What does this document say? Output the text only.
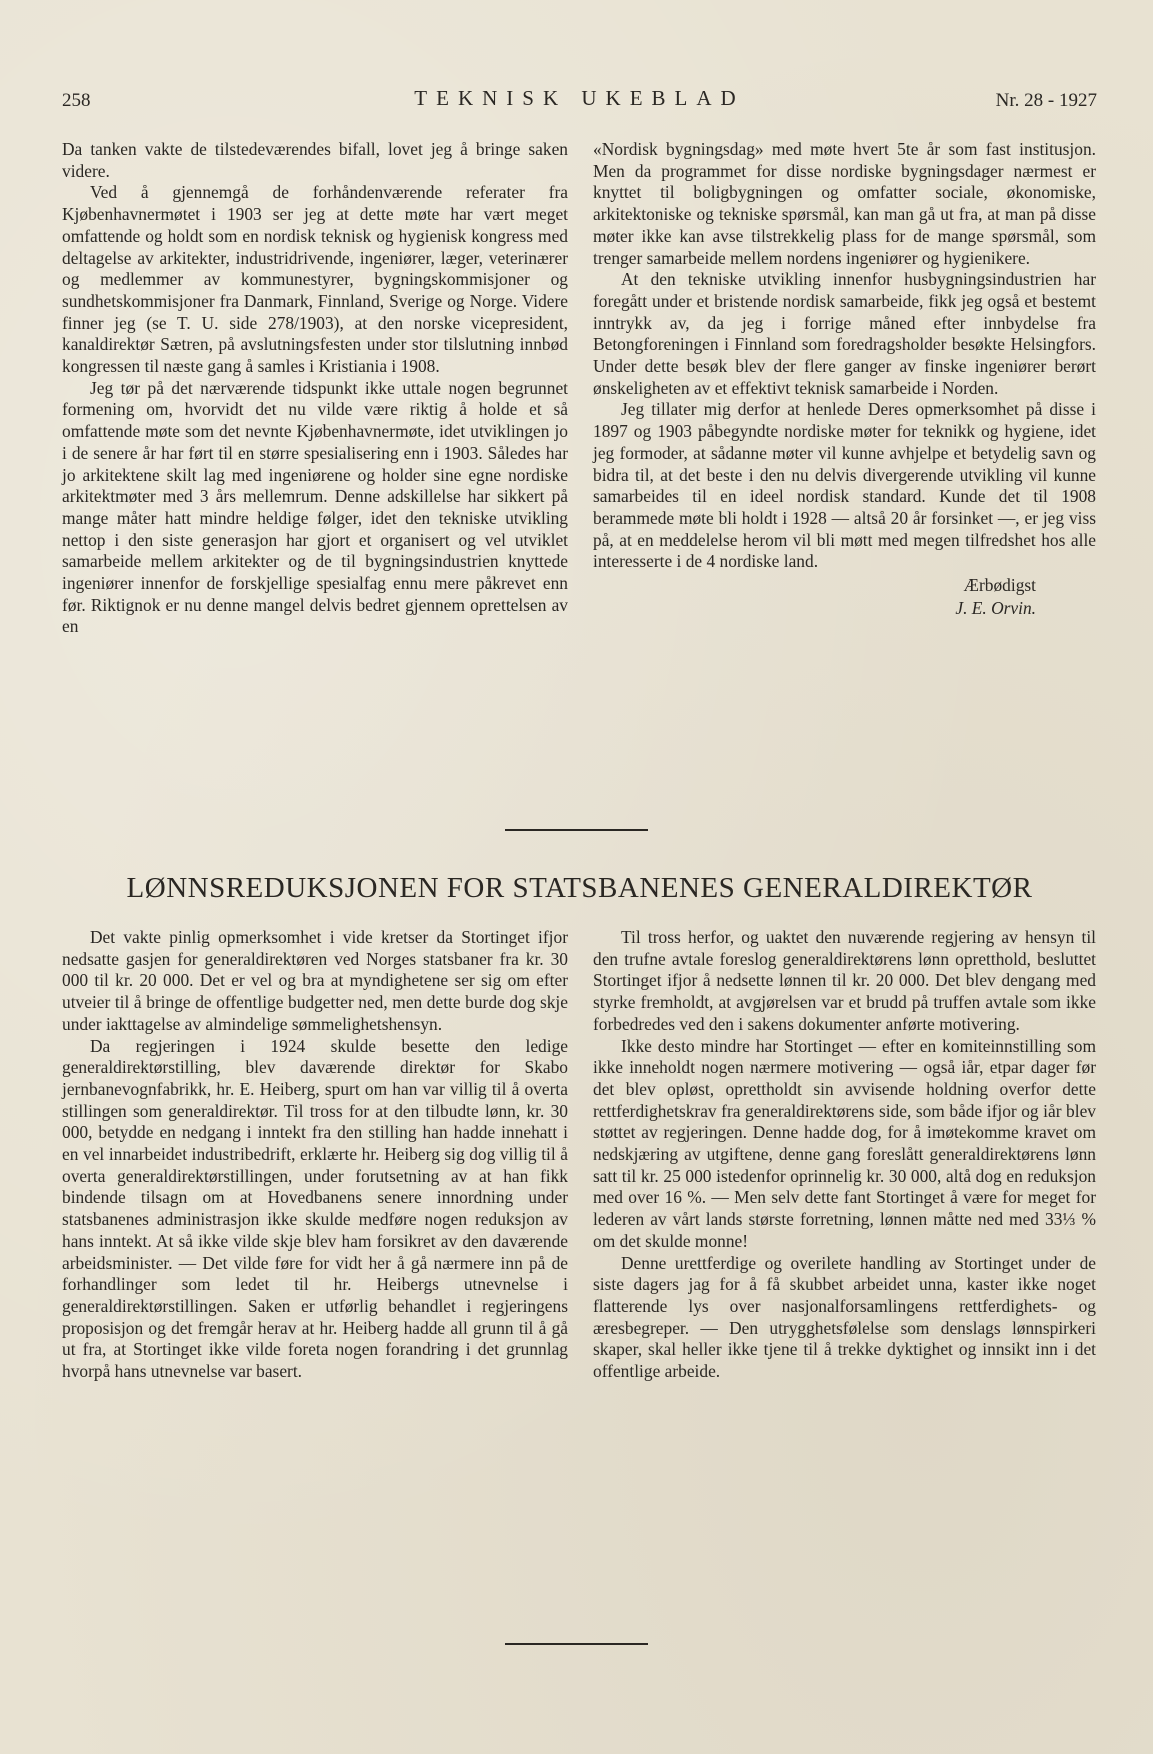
258	TEKNISK UKEBLAD	Nr. 28 - 1927

Da tanken vakte de tilstedeværendes bifall, lovet jeg å bringe saken videre.

Ved å gjennemgå de forhåndenværende referater fra Kjøbenhavnermøtet i 1903 ser jeg at dette møte har vært meget omfattende og holdt som en nordisk teknisk og hygienisk kongress med deltagelse av arkitekter, industridrivende, ingeniører, læger, veterinærer og medlemmer av kommunestyrer, bygningskommisjoner og sundhetskommisjoner fra Danmark, Finnland, Sverige og Norge. Videre finner jeg (se T. U. side 278/1903), at den norske vicepresident, kanaldirektør Sætren, på avslutningsfesten under stor tilslutning innbød kongressen til næste gang å samles i Kristiania i 1908.

Jeg tør på det nærværende tidspunkt ikke uttale nogen begrunnet formening om, hvorvidt det nu vilde være riktig å holde et så omfattende møte som det nevnte Kjøbenhavnermøte, idet utviklingen jo i de senere år har ført til en større spesialisering enn i 1903. Således har jo arkitektene skilt lag med ingeniørene og holder sine egne nordiske arkitektmøter med 3 års mellemrum. Denne adskillelse har sikkert på mange måter hatt mindre heldige følger, idet den tekniske utvikling nettop i den siste generasjon har gjort et organisert og vel utviklet samarbeide mellem arkitekter og de til bygningsindustrien knyttede ingeniører innenfor de forskjellige spesialfag ennu mere påkrevet enn før. Riktignok er nu denne mangel delvis bedret gjennem oprettelsen av en

«Nordisk bygningsdag» med møte hvert 5te år som fast institusjon. Men da programmet for disse nordiske bygningsdager nærmest er knyttet til boligbygningen og omfatter sociale, økonomiske, arkitektoniske og tekniske spørsmål, kan man gå ut fra, at man på disse møter ikke kan avse tilstrekkelig plass for de mange spørsmål, som trenger samarbeide mellem nordens ingeniører og hygienikere.

At den tekniske utvikling innenfor husbygningsindustrien har foregått under et bristende nordisk samarbeide, fikk jeg også et bestemt inntrykk av, da jeg i forrige måned efter innbydelse fra Betongforeningen i Finnland som foredragsholder besøkte Helsingfors. Under dette besøk blev der flere ganger av finske ingeniører berørt ønskeligheten av et effektivt teknisk samarbeide i Norden.

Jeg tillater mig derfor at henlede Deres opmerksomhet på disse i 1897 og 1903 påbegyndte nordiske møter for teknikk og hygiene, idet jeg formoder, at sådanne møter vil kunne avhjelpe et betydelig savn og bidra til, at det beste i den nu delvis divergerende utvikling vil kunne samarbeides til en ideel nordisk standard. Kunde det til 1908 berammede møte bli holdt i 1928 — altså 20 år forsinket —, er jeg viss på, at en meddelelse herom vil bli møtt med megen tilfredshet hos alle interesserte i de 4 nordiske land.

Ærbødigst
J. E. Orvin.
LØNNSREDUKSJONEN FOR STATSBANENES GENERALDIREKTØR

Det vakte pinlig opmerksomhet i vide kretser da Stortinget ifjor nedsatte gasjen for generaldirektøren ved Norges statsbaner fra kr. 30 000 til kr. 20 000. Det er vel og bra at myndighetene ser sig om efter utveier til å bringe de offentlige budgetter ned, men dette burde dog skje under iakttagelse av almindelige sømmelighetshensyn.

Da regjeringen i 1924 skulde besette den ledige generaldirektørstilling, blev daværende direktør for Skabo jernbanevognfabrikk, hr. E. Heiberg, spurt om han var villig til å overta stillingen som generaldirektør. Til tross for at den tilbudte lønn, kr. 30 000, betydde en nedgang i inntekt fra den stilling han hadde innehatt i en vel innarbeidet industribedrift, erklærte hr. Heiberg sig dog villig til å overta generaldirektørstillingen, under forutsetning av at han fikk bindende tilsagn om at Hovedbanens senere innordning under statsbanenes administrasjon ikke skulde medføre nogen reduksjon av hans inntekt. At så ikke vilde skje blev ham forsikret av den daværende arbeidsminister. — Det vilde føre for vidt her å gå nærmere inn på de forhandlinger som ledet til hr. Heibergs utnevnelse i generaldirektørstillingen. Saken er utførlig behandlet i regjeringens proposisjon og det fremgår herav at hr. Heiberg hadde all grunn til å gå ut fra, at Stortinget ikke vilde foreta nogen forandring i det grunnlag hvorpå hans utnevnelse var basert.

Til tross herfor, og uaktet den nuværende regjering av hensyn til den trufne avtale foreslog generaldirektørens lønn opretthold, besluttet Stortinget ifjor å nedsette lønnen til kr. 20 000. Det blev dengang med styrke fremholdt, at avgjørelsen var et brudd på truffen avtale som ikke forbedredes ved den i sakens dokumenter anførte motivering.

Ikke desto mindre har Stortinget — efter en komiteinnstilling som ikke inneholdt nogen nærmere motivering — også iår, etpar dager før det blev opløst, oprettholdt sin avvisende holdning overfor dette rettferdighetskrav fra generaldirektørens side, som både ifjor og iår blev støttet av regjeringen. Denne hadde dog, for å imøtekomme kravet om nedskjæring av utgiftene, denne gang foreslått generaldirektørens lønn satt til kr. 25 000 istedenfor oprinnelig kr. 30 000, altå dog en reduksjon med over 16 %. — Men selv dette fant Stortinget å være for meget for lederen av vårt lands største forretning, lønnen måtte ned med 33⅓ % om det skulde monne!

Denne urettferdige og overilete handling av Stortinget under de siste dagers jag for å få skubbet arbeidet unna, kaster ikke noget flatterende lys over nasjonalforsamlingens rettferdighets- og æresbegreper. — Den utrygghetsfølelse som denslags lønnspirkeri skaper, skal heller ikke tjene til å trekke dyktighet og innsikt inn i det offentlige arbeide.
